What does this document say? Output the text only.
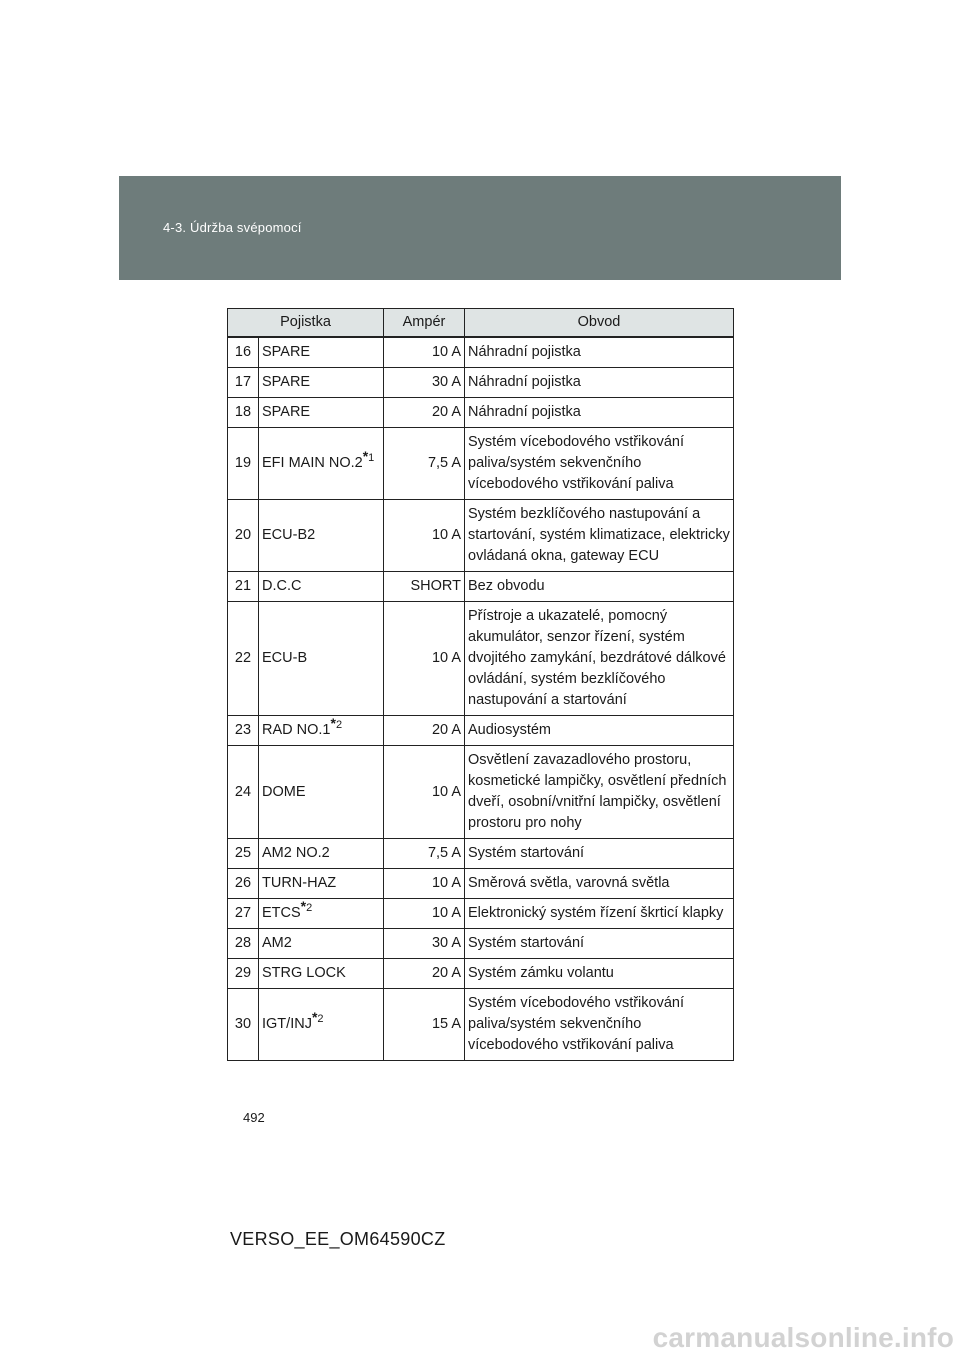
4-3. Údržba svépomocí
Pojistka		Ampér	Obvod
16	SPARE	10 A	Náhradní pojistka
17	SPARE	30 A	Náhradní pojistka
18	SPARE	20 A	Náhradní pojistka
19	EFI MAIN NO.2$^{*1}$	7,5 A	Systém vícebodového vstřikování paliva/systém sekvenčního vícebodového vstřikování paliva
20	ECU-B2	10 A	Systém bezklíčového nastupování a startování, systém klimatizace, elektricky ovládaná okna, gateway ECU
21	D.C.C	SHORT	Bez obvodu
22	ECU-B	10 A	Přístroje a ukazatelé, pomocný akumulátor, senzor řízení, systém dvojitého zamykání, bezdrátové dálkové ovládání, systém bezklíčového nastupování a startování
23	RAD NO.1$^{*2}$	20 A	Audiosystém
24	DOME	10 A	Osvětlení zavazadlového prostoru, kosmetické lampičky, osvětlení předních dveří, osobní/vnitřní lampičky, osvětlení prostoru pro nohy
25	AM2 NO.2	7,5 A	Systém startování
26	TURN-HAZ	10 A	Směrová světla, varovná světla
27	ETCS$^{*2}$	10 A	Elektronický systém řízení škrticí klapky
28	AM2	30 A	Systém startování
29	STRG LOCK	20 A	Systém zámku volantu
30	IGT/INJ$^{*2}$	15 A	Systém vícebodového vstřikování paliva/systém sekvenčního vícebodového vstřikování paliva
492
VERSO_EE_OM64590CZ
carmanualsonline.info
